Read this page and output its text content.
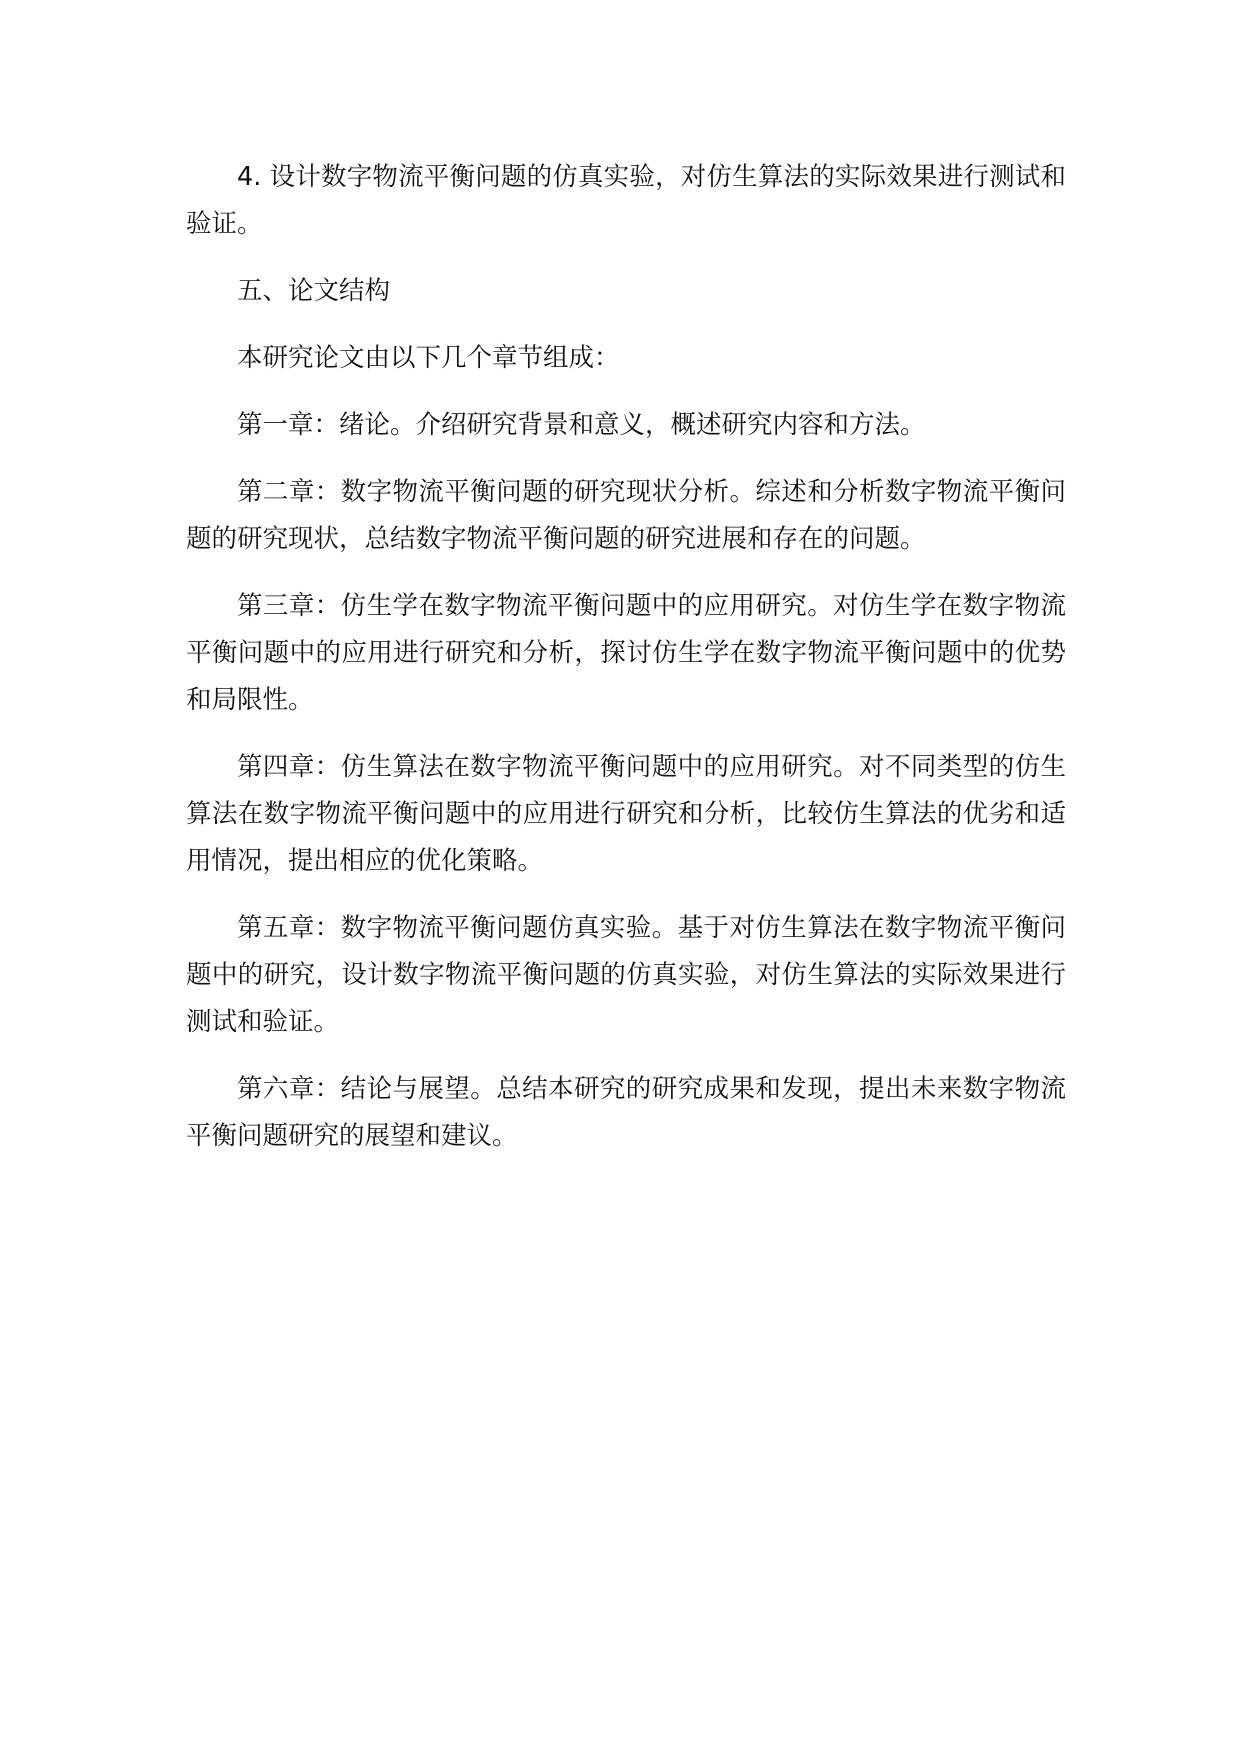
4. 设计数字物流平衡问题的仿真实验，对仿生算法的实际效果进行测试和验证。

五、论文结构

本研究论文由以下几个章节组成：

第一章：绪论。介绍研究背景和意义，概述研究内容和方法。

第二章：数字物流平衡问题的研究现状分析。综述和分析数字物流平衡问题的研究现状，总结数字物流平衡问题的研究进展和存在的问题。

第三章：仿生学在数字物流平衡问题中的应用研究。对仿生学在数字物流平衡问题中的应用进行研究和分析，探讨仿生学在数字物流平衡问题中的优势和局限性。

第四章：仿生算法在数字物流平衡问题中的应用研究。对不同类型的仿生算法在数字物流平衡问题中的应用进行研究和分析，比较仿生算法的优劣和适用情况，提出相应的优化策略。

第五章：数字物流平衡问题仿真实验。基于对仿生算法在数字物流平衡问题中的研究，设计数字物流平衡问题的仿真实验，对仿生算法的实际效果进行测试和验证。

第六章：结论与展望。总结本研究的研究成果和发现，提出未来数字物流平衡问题研究的展望和建议。
